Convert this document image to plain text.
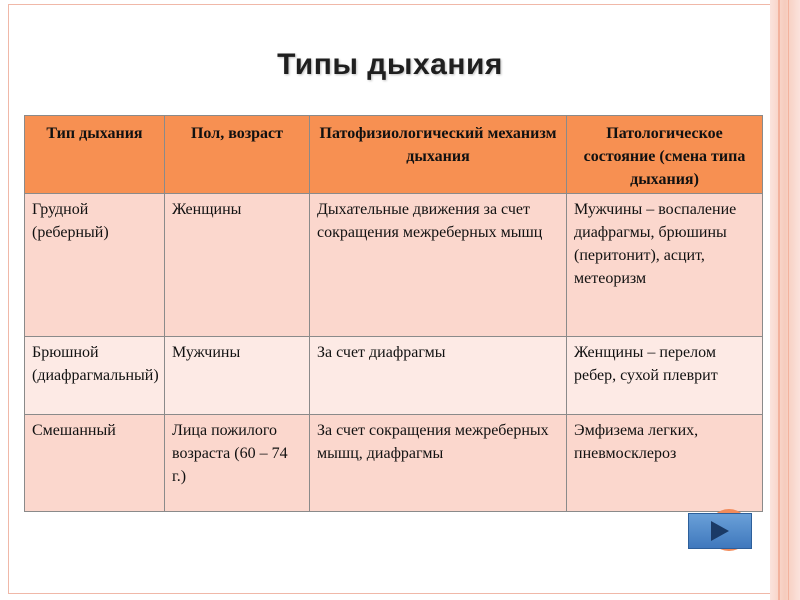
Типы дыхания
Тип дыхания	Пол, возраст	Патофизиологический механизм дыхания	Патологическое состояние (смена типа дыхания)
Грудной (реберный)	Женщины	Дыхательные движения за счет сокращения межреберных мышц	Мужчины – воспаление диафрагмы, брюшины (перитонит), асцит, метеоризм
Брюшной (диафрагмальный)	Мужчины	За счет диафрагмы	Женщины – перелом ребер, сухой плеврит
Смешанный	Лица пожилого возраста (60 – 74 г.)	За счет сокращения межреберных мышц, диафрагмы	Эмфизема легких, пневмосклероз
